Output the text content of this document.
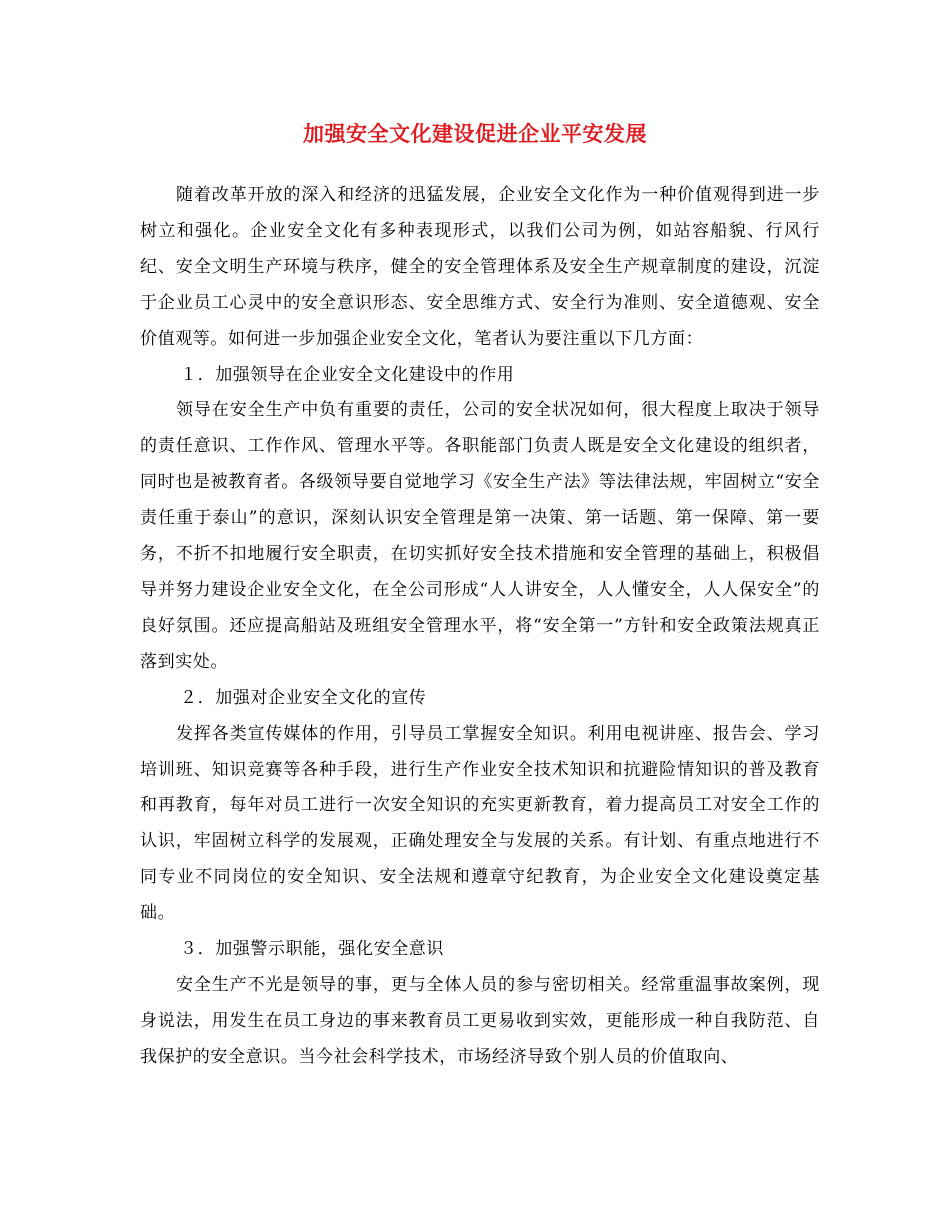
加强安全文化建设促进企业平安发展

随着改革开放的深入和经济的迅猛发展，企业安全文化作为一种价值观得到进一步树立和强化。企业安全文化有多种表现形式，以我们公司为例，如站容船貌、行风行纪、安全文明生产环境与秩序，健全的安全管理体系及安全生产规章制度的建设，沉淀于企业员工心灵中的安全意识形态、安全思维方式、安全行为准则、安全道德观、安全价值观等。如何进一步加强企业安全文化，笔者认为要注重以下几方面：

１．加强领导在企业安全文化建设中的作用

领导在安全生产中负有重要的责任，公司的安全状况如何，很大程度上取决于领导的责任意识、工作作风、管理水平等。各职能部门负责人既是安全文化建设的组织者，同时也是被教育者。各级领导要自觉地学习《安全生产法》等法律法规，牢固树立“安全责任重于泰山”的意识，深刻认识安全管理是第一决策、第一话题、第一保障、第一要务，不折不扣地履行安全职责，在切实抓好安全技术措施和安全管理的基础上，积极倡导并努力建设企业安全文化，在全公司形成“人人讲安全，人人懂安全，人人保安全”的良好氛围。还应提高船站及班组安全管理水平，将“安全第一”方针和安全政策法规真正落到实处。

２．加强对企业安全文化的宣传

发挥各类宣传媒体的作用，引导员工掌握安全知识。利用电视讲座、报告会、学习培训班、知识竞赛等各种手段，进行生产作业安全技术知识和抗避险情知识的普及教育和再教育，每年对员工进行一次安全知识的充实更新教育，着力提高员工对安全工作的认识，牢固树立科学的发展观，正确处理安全与发展的关系。有计划、有重点地进行不同专业不同岗位的安全知识、安全法规和遵章守纪教育，为企业安全文化建设奠定基础。

３．加强警示职能，强化安全意识

安全生产不光是领导的事，更与全体人员的参与密切相关。经常重温事故案例，现身说法，用发生在员工身边的事来教育员工更易收到实效，更能形成一种自我防范、自我保护的安全意识。当今社会科学技术，市场经济导致个别人员的价值取向、
